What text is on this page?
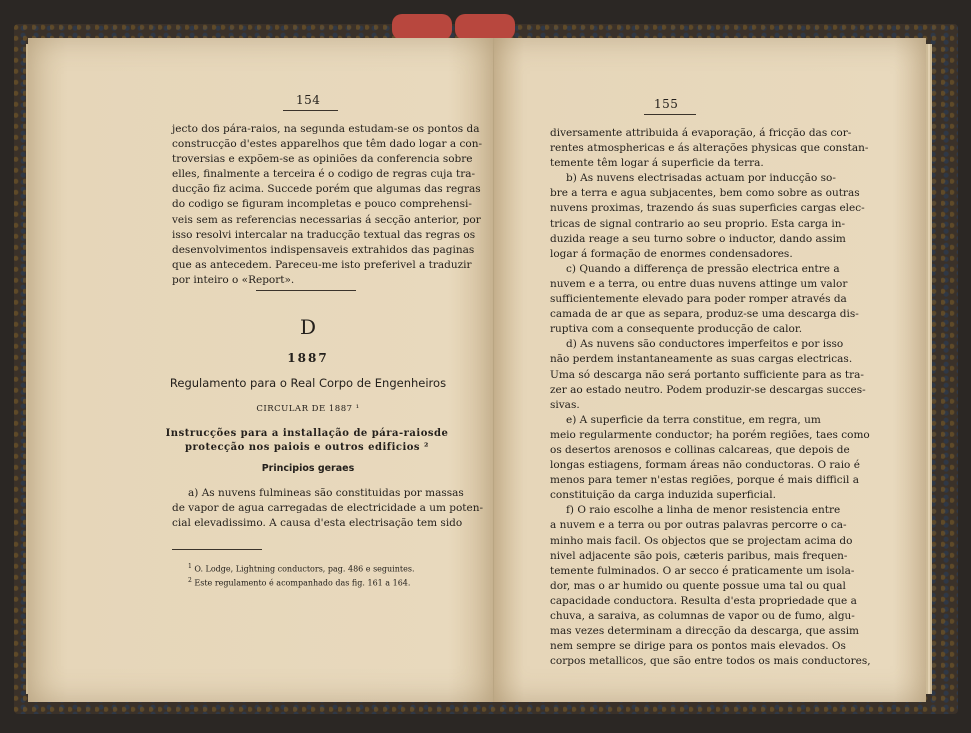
154
jecto dos pára-raios, na segunda estudam-se os pontos da
construcção d'estes apparelhos que têm dado logar a con-
troversias e expõem-se as opiniões da conferencia sobre
elles, finalmente a terceira é o codigo de regras cuja tra-
ducção fiz acima. Succede porém que algumas das regras
do codigo se figuram incompletas e pouco comprehensi-
veis sem as referencias necessarias á secção anterior, por
isso resolvi intercalar na traducção textual das regras os
desenvolvimentos indispensaveis extrahidos das paginas
que as antecedem. Pareceu-me isto preferivel a traduzir
por inteiro o «Report».
D
1887
Regulamento para o Real Corpo de Engenheiros
CIRCULAR DE 1887 ¹
Instrucções para a installação de pára-raiosde protecção nos paiois e outros edificios ²
Principios geraes
a) As nuvens fulmineas são constituidas por massas
de vapor de agua carregadas de electricidade a um poten-
cial elevadissimo. A causa d'esta electrisação tem sido
$^1$ O. Lodge, Lightning conductors, pag. 486 e seguintes.
$^2$ Este regulamento é acompanhado das fig. 161 a 164.
155
diversamente attribuida á evaporação, á fricção das cor-
rentes atmosphericas e ás alterações physicas que constan-
temente têm logar á superficie da terra.
b) As nuvens electrisadas actuam por inducção so-
bre a terra e agua subjacentes, bem como sobre as outras
nuvens proximas, trazendo ás suas superficies cargas elec-
tricas de signal contrario ao seu proprio. Esta carga in-
duzida reage a seu turno sobre o inductor, dando assim
logar á formação de enormes condensadores.
c) Quando a differença de pressão electrica entre a
nuvem e a terra, ou entre duas nuvens attinge um valor
sufficientemente elevado para poder romper através da
camada de ar que as separa, produz-se uma descarga dis-
ruptiva com a consequente producção de calor.
d) As nuvens são conductores imperfeitos e por isso
não perdem instantaneamente as suas cargas electricas.
Uma só descarga não será portanto sufficiente para as tra-
zer ao estado neutro. Podem produzir-se descargas succes-
sivas.
e) A superficie da terra constitue, em regra, um
meio regularmente conductor; ha porém regiões, taes como
os desertos arenosos e collinas calcareas, que depois de
longas estiagens, formam áreas não conductoras. O raio é
menos para temer n'estas regiões, porque é mais difficil a
constituição da carga induzida superficial.
f) O raio escolhe a linha de menor resistencia entre
a nuvem e a terra ou por outras palavras percorre o ca-
minho mais facil. Os objectos que se projectam acima do
nivel adjacente são pois, cæteris paribus, mais frequen-
temente fulminados. O ar secco é praticamente um isola-
dor, mas o ar humido ou quente possue uma tal ou qual
capacidade conductora. Resulta d'esta propriedade que a
chuva, a saraiva, as columnas de vapor ou de fumo, algu-
mas vezes determinam a direcção da descarga, que assim
nem sempre se dirige para os pontos mais elevados. Os
corpos metallicos, que são entre todos os mais conductores,
